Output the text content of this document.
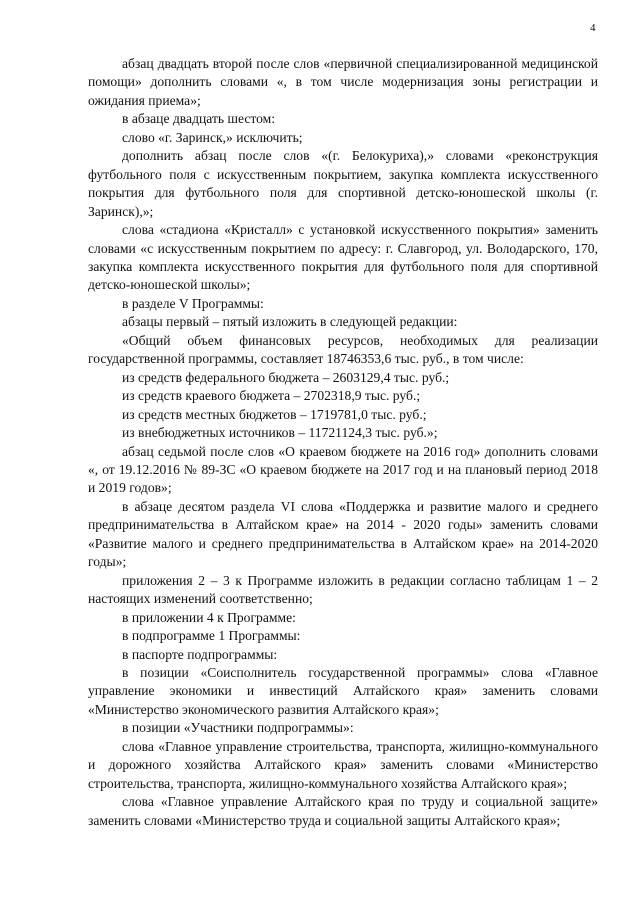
4

абзац двадцать второй после слов «первичной специализированной медицинской помощи» дополнить словами «, в том числе модернизация зоны регистрации и ожидания приема»;

в абзаце двадцать шестом:

слово «г. Заринск,» исключить;

дополнить абзац после слов «(г. Белокуриха),» словами «реконструкция футбольного поля с искусственным покрытием, закупка комплекта искусственного покрытия для футбольного поля для спортивной детско-юношеской школы (г. Заринск),»;

слова «стадиона «Кристалл» с установкой искусственного покрытия» заменить словами «с искусственным покрытием по адресу: г. Славгород, ул. Володарского, 170, закупка комплекта искусственного покрытия для футбольного поля для спортивной детско-юношеской школы»;

в разделе V Программы:

абзацы первый – пятый изложить в следующей редакции:

«Общий объем финансовых ресурсов, необходимых для реализации государственной программы, составляет 18746353,6 тыс. руб., в том числе:

из средств федерального бюджета – 2603129,4 тыс. руб.;

из средств краевого бюджета – 2702318,9 тыс. руб.;

из средств местных бюджетов – 1719781,0 тыс. руб.;

из внебюджетных источников – 11721124,3 тыс. руб.»;

абзац седьмой после слов «О краевом бюджете на 2016 год» дополнить словами «, от 19.12.2016 № 89-ЗС «О краевом бюджете на 2017 год и на плановый период 2018 и 2019 годов»;

в абзаце десятом раздела VI слова «Поддержка и развитие малого и среднего предпринимательства в Алтайском крае» на 2014 - 2020 годы» заменить словами «Развитие малого и среднего предпринимательства в Алтайском крае» на 2014-2020 годы»;

приложения 2 – 3 к Программе изложить в редакции согласно таблицам 1 – 2 настоящих изменений соответственно;

в приложении 4 к Программе:

в подпрограмме 1 Программы:

в паспорте подпрограммы:

в позиции «Соисполнитель государственной программы» слова «Главное управление экономики и инвестиций Алтайского края» заменить словами «Министерство экономического развития Алтайского края»;

в позиции «Участники подпрограммы»:

слова «Главное управление строительства, транспорта, жилищно-коммунального и дорожного хозяйства Алтайского края» заменить словами «Министерство строительства, транспорта, жилищно-коммунального хозяйства Алтайского края»;

слова «Главное управление Алтайского края по труду и социальной защите» заменить словами «Министерство труда и социальной защиты Алтайского края»;
